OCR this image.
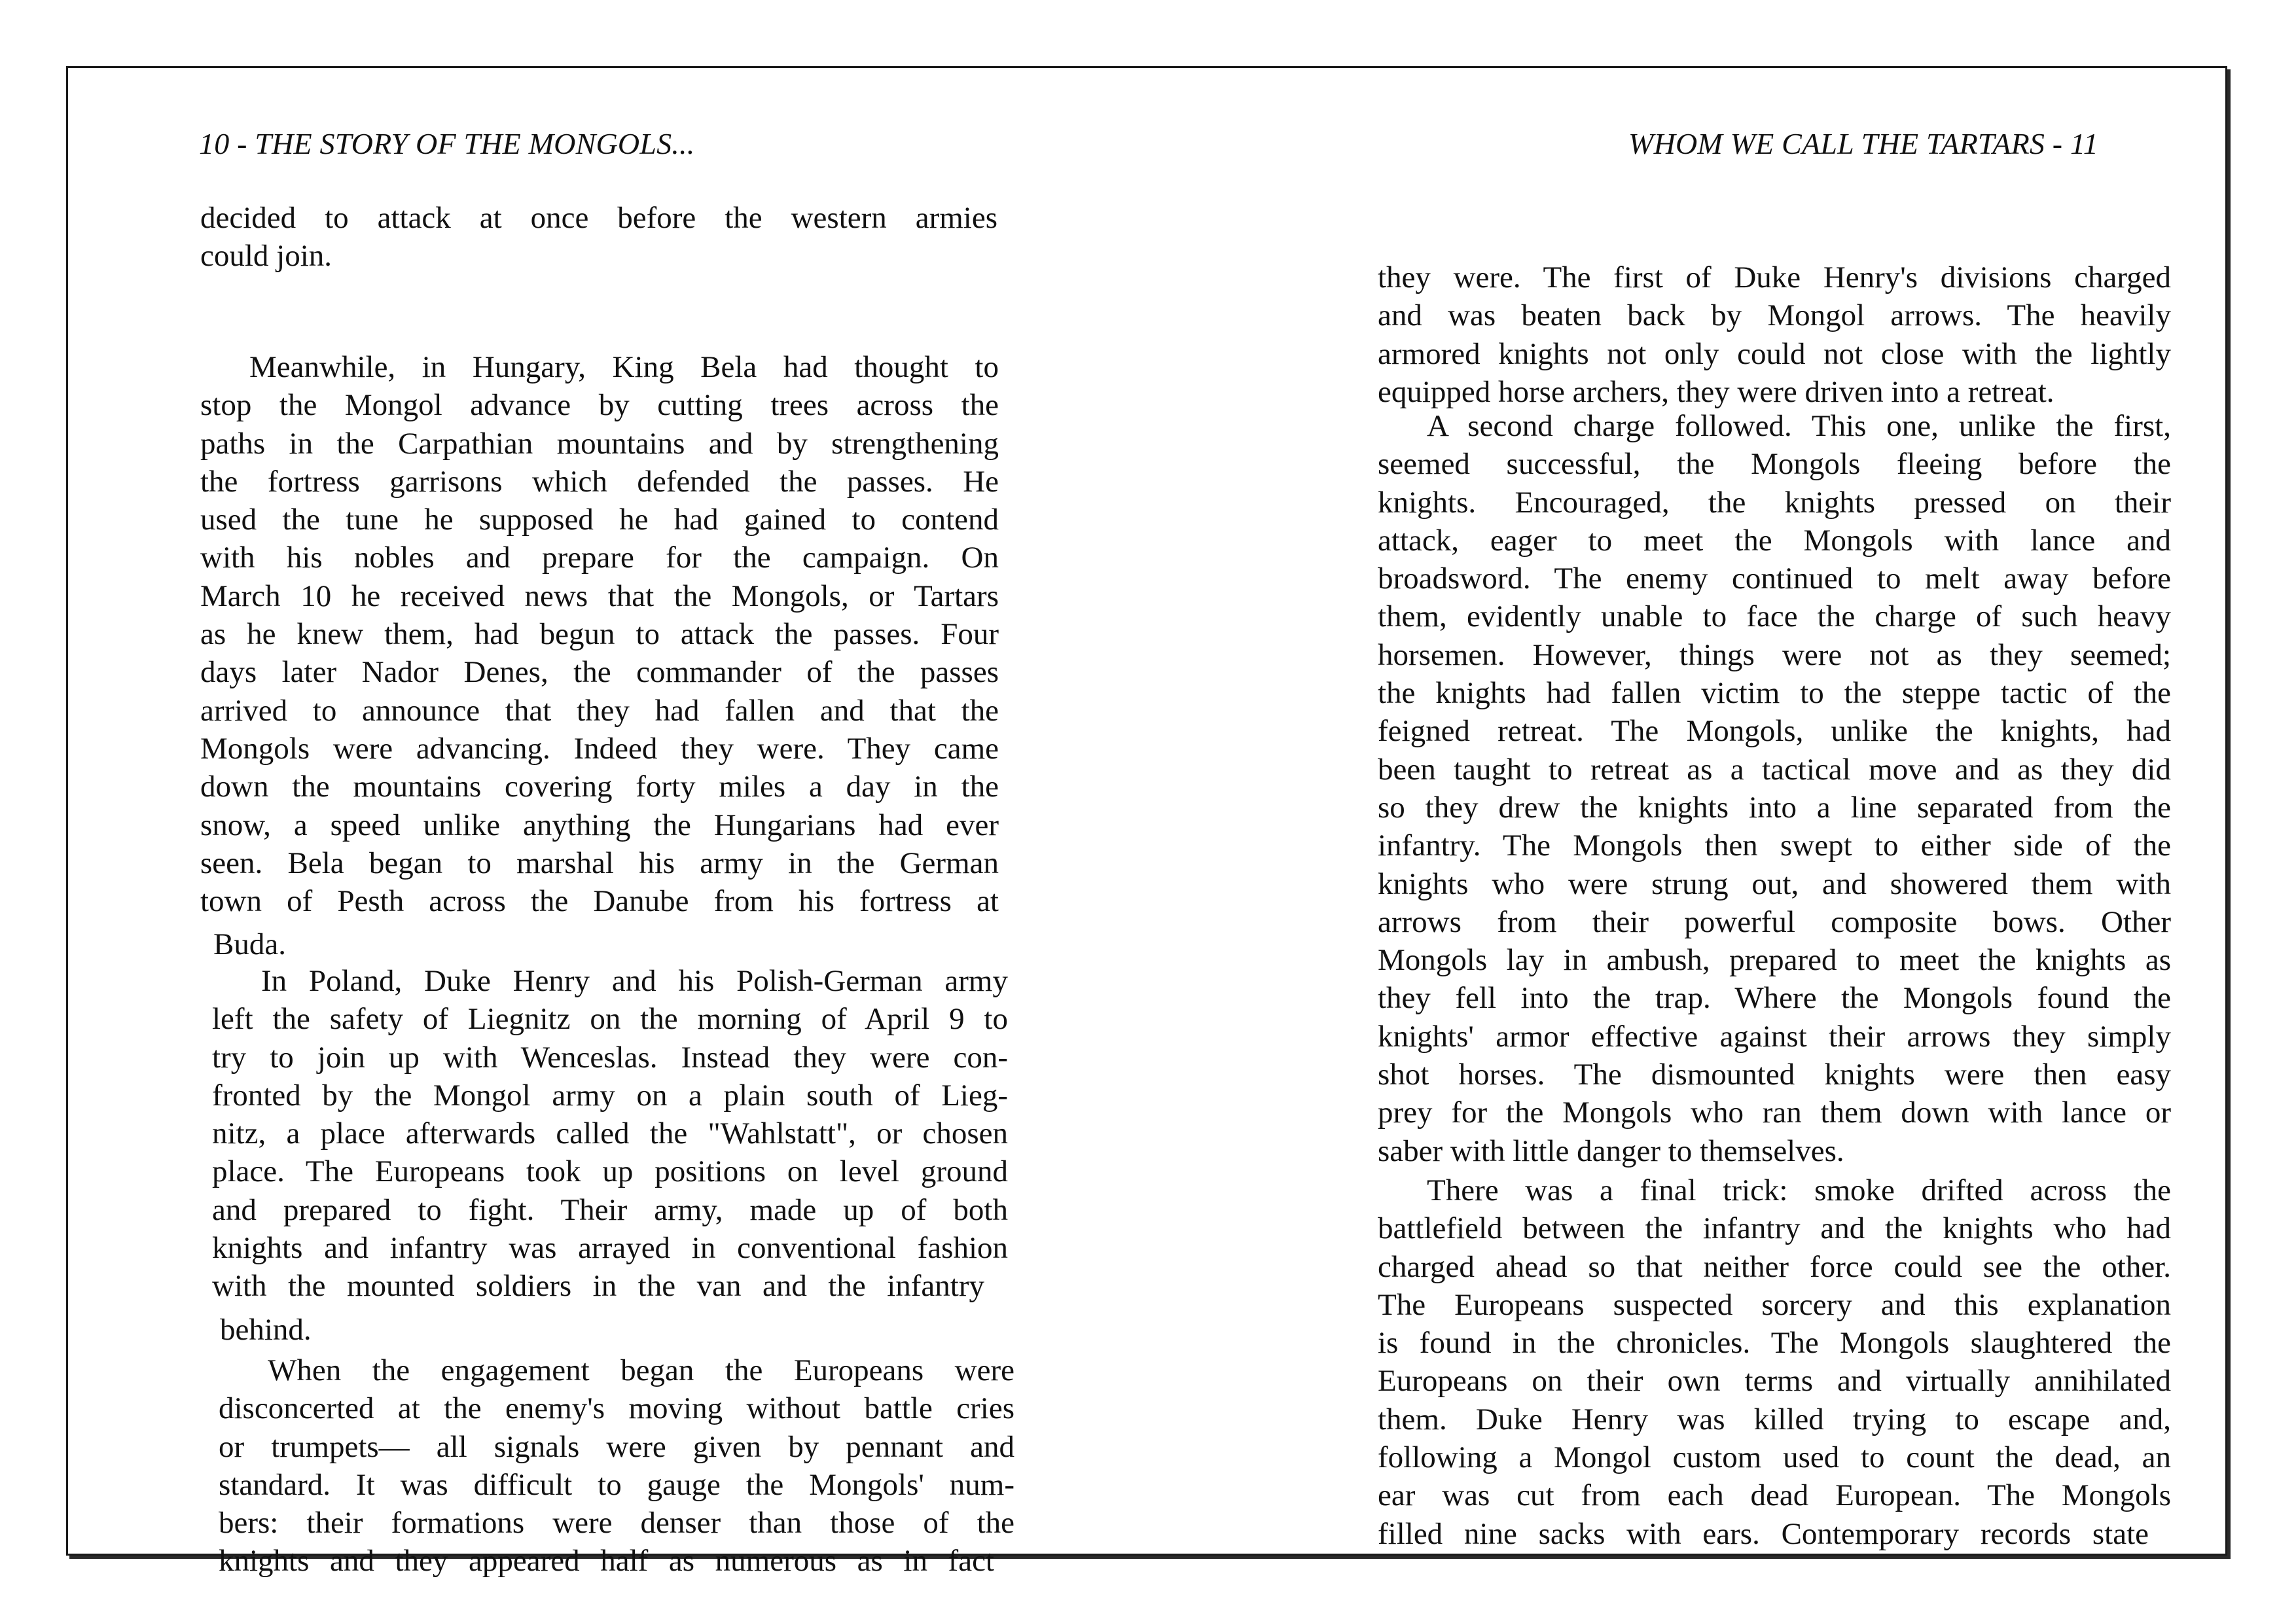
10 - THE STORY OF THE MONGOLS...
decided to attack at once before the western armies
could join.
Meanwhile, in Hungary, King Bela had thought to
stop the Mongol advance by cutting trees across the
paths in the Carpathian mountains and by strengthening
the fortress garrisons which defended the passes. He
used the tune he supposed he had gained to contend
with his nobles and prepare for the campaign. On
March 10 he received news that the Mongols, or Tartars
as he knew them, had begun to attack the passes. Four
days later Nador Denes, the commander of the passes
arrived to announce that they had fallen and that the
Mongols were advancing. Indeed they were. They came
down the mountains covering forty miles a day in the
snow, a speed unlike anything the Hungarians had ever
seen. Bela began to marshal his army in the German
town of Pesth across the Danube from his fortress at
Buda.
In Poland, Duke Henry and his Polish-German army
left the safety of Liegnitz on the morning of April 9 to
try to join up with Wenceslas. Instead they were con-
fronted by the Mongol army on a plain south of Lieg-
nitz, a place afterwards called the "Wahlstatt", or chosen
place. The Europeans took up positions on level ground
and prepared to fight. Their army, made up of both
knights and infantry was arrayed in conventional fashion
with the mounted soldiers in the van and the infantry
behind.
When the engagement began the Europeans were
disconcerted at the enemy's moving without battle cries
or trumpets— all signals were given by pennant and
standard. It was difficult to gauge the Mongols' num-
bers: their formations were denser than those of the
knights and they appeared half as numerous as in fact
WHOM WE CALL THE TARTARS - 11
they were. The first of Duke Henry's divisions charged
and was beaten back by Mongol arrows. The heavily
armored knights not only could not close with the lightly
equipped horse archers, they were driven into a retreat.
A second charge followed. This one, unlike the first,
seemed successful, the Mongols fleeing before the
knights. Encouraged, the knights pressed on their
attack, eager to meet the Mongols with lance and
broadsword. The enemy continued to melt away before
them, evidently unable to face the charge of such heavy
horsemen. However, things were not as they seemed;
the knights had fallen victim to the steppe tactic of the
feigned retreat. The Mongols, unlike the knights, had
been taught to retreat as a tactical move and as they did
so they drew the knights into a line separated from the
infantry. The Mongols then swept to either side of the
knights who were strung out, and showered them with
arrows from their powerful composite bows. Other
Mongols lay in ambush, prepared to meet the knights as
they fell into the trap. Where the Mongols found the
knights' armor effective against their arrows they simply
shot horses. The dismounted knights were then easy
prey for the Mongols who ran them down with lance or
saber with little danger to themselves.
There was a final trick: smoke drifted across the
battlefield between the infantry and the knights who had
charged ahead so that neither force could see the other.
The Europeans suspected sorcery and this explanation
is found in the chronicles. The Mongols slaughtered the
Europeans on their own terms and virtually annihilated
them. Duke Henry was killed trying to escape and,
following a Mongol custom used to count the dead, an
ear was cut from each dead European. The Mongols
filled nine sacks with ears. Contemporary records state
